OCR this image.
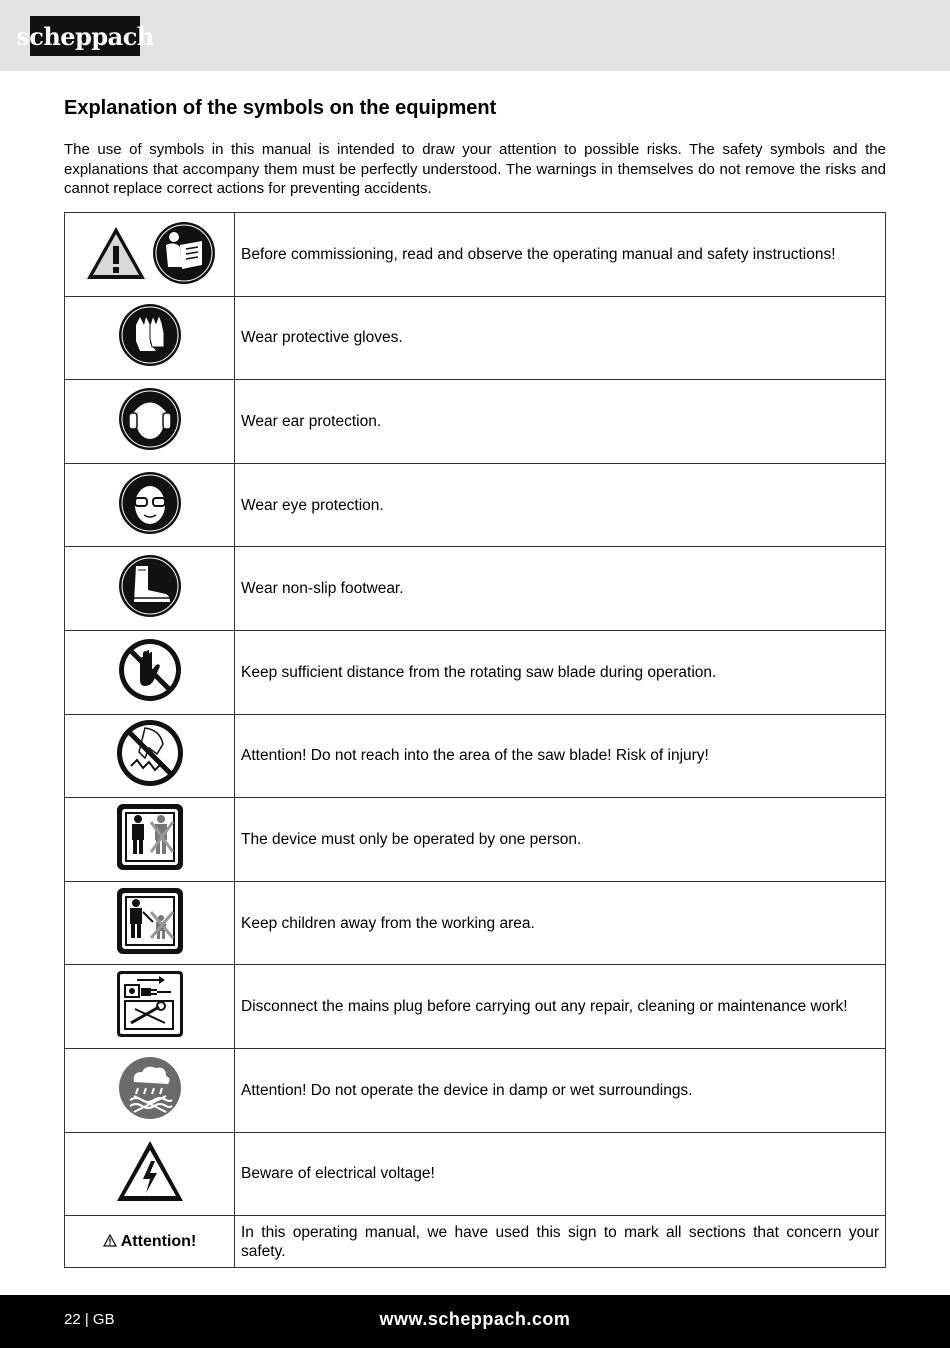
scheppach
Explanation of the symbols on the equipment

The use of symbols in this manual is intended to draw your attention to possible risks. The safety symbols and the explanations that accompany them must be perfectly understood. The warnings in themselves do not remove the risks and cannot replace correct actions for preventing accidents.

	Before commissioning, read and observe the operating manual and safety instructions!
	Wear protective gloves.
	Wear ear protection.
	Wear eye protection.
	Wear non-slip footwear.
	Keep sufficient distance from the rotating saw blade during operation.
	Attention! Do not reach into the area of the saw blade! Risk of injury!
	The device must only be operated by one person.
	Keep children away from the working area.
	Disconnect the mains plug before carrying out any repair, cleaning or maintenance work!
	Attention! Do not operate the device in damp or wet surroundings.
	Beware of electrical voltage!
Attention!	In this operating manual, we have used this sign to mark all sections that concern your safety.
22 | GB	www.scheppach.com
